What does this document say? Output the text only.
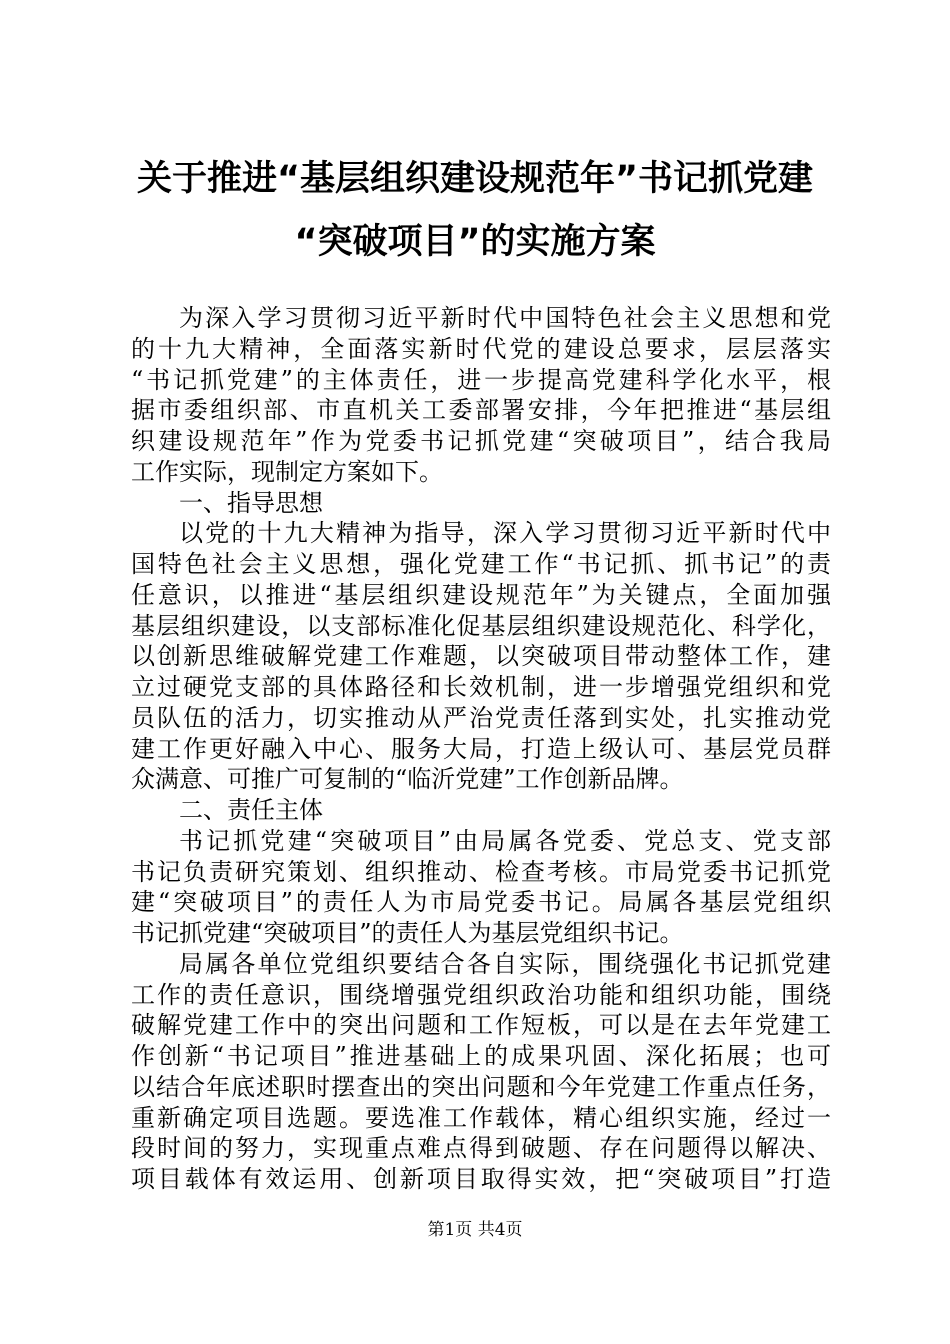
关于推进“基层组织建设规范年”书记抓党建
“突破项目”的实施方案
为深入学习贯彻习近平新时代中国特色社会主义思想和党
的十九大精神，全面落实新时代党的建设总要求，层层落实
“书记抓党建”的主体责任，进一步提高党建科学化水平，根
据市委组织部、市直机关工委部署安排，今年把推进“基层组
织建设规范年”作为党委书记抓党建“突破项目”，结合我局
工作实际，现制定方案如下。
一、指导思想
以党的十九大精神为指导，深入学习贯彻习近平新时代中
国特色社会主义思想，强化党建工作“书记抓、抓书记”的责
任意识，以推进“基层组织建设规范年”为关键点，全面加强
基层组织建设，以支部标准化促基层组织建设规范化、科学化，
以创新思维破解党建工作难题，以突破项目带动整体工作，建
立过硬党支部的具体路径和长效机制，进一步增强党组织和党
员队伍的活力，切实推动从严治党责任落到实处，扎实推动党
建工作更好融入中心、服务大局，打造上级认可、基层党员群
众满意、可推广可复制的“临沂党建”工作创新品牌。
二、责任主体
书记抓党建“突破项目”由局属各党委、党总支、党支部
书记负责研究策划、组织推动、检查考核。市局党委书记抓党
建“突破项目”的责任人为市局党委书记。局属各基层党组织
书记抓党建“突破项目”的责任人为基层党组织书记。
局属各单位党组织要结合各自实际，围绕强化书记抓党建
工作的责任意识，围绕增强党组织政治功能和组织功能，围绕
破解党建工作中的突出问题和工作短板，可以是在去年党建工
作创新“书记项目”推进基础上的成果巩固、深化拓展；也可
以结合年底述职时摆查出的突出问题和今年党建工作重点任务，
重新确定项目选题。要选准工作载体，精心组织实施，经过一
段时间的努力，实现重点难点得到破题、存在问题得以解决、
项目载体有效运用、创新项目取得实效，把“突破项目”打造
第1页 共4页
